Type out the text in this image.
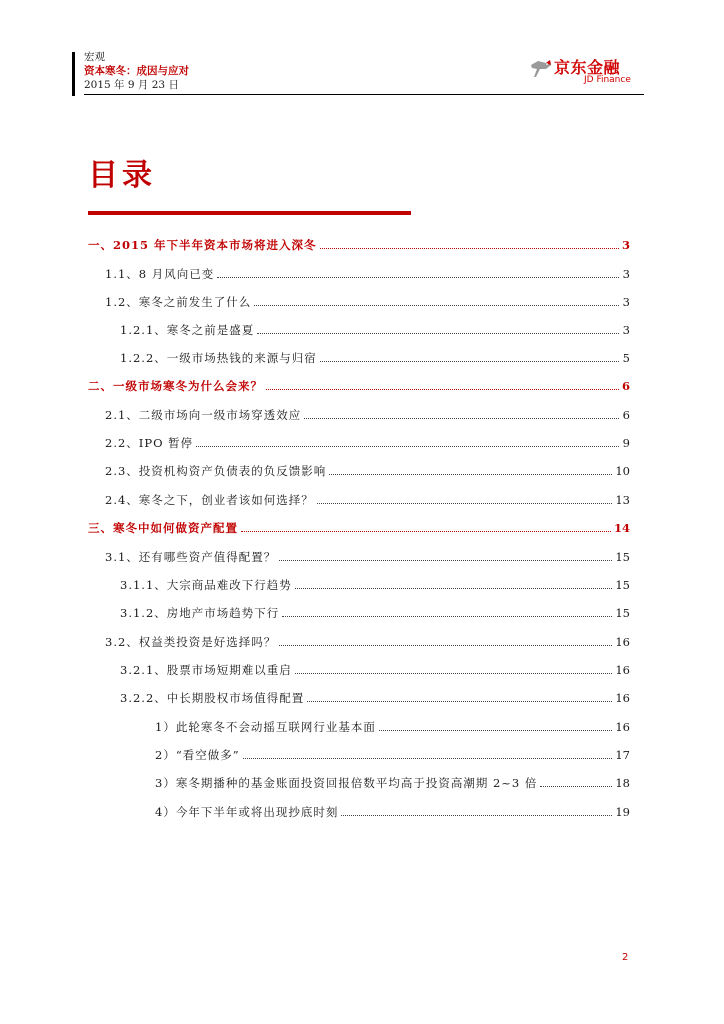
宏观
资本寒冬：成因与应对
2015 年 9 月 23 日
京东金融
JD Finance
目录
一、2015 年下半年资本市场将进入深冬	3
1.1、8 月风向已变	3
1.2、寒冬之前发生了什么	3
1.2.1、寒冬之前是盛夏	3
1.2.2、一级市场热钱的来源与归宿	5
二、一级市场寒冬为什么会来？	6
2.1、二级市场向一级市场穿透效应	6
2.2、IPO 暂停	9
2.3、投资机构资产负债表的负反馈影响	10
2.4、寒冬之下，创业者该如何选择？	13
三、寒冬中如何做资产配置	14
3.1、还有哪些资产值得配置？	15
3.1.1、大宗商品难改下行趋势	15
3.1.2、房地产市场趋势下行	15
3.2、权益类投资是好选择吗？	16
3.2.1、股票市场短期难以重启	16
3.2.2、中长期股权市场值得配置	16
1）此轮寒冬不会动摇互联网行业基本面	16
2）“看空做多”	17
3）寒冬期播种的基金账面投资回报倍数平均高于投资高潮期 2~3 倍	18
4）今年下半年或将出现抄底时刻	19
2
